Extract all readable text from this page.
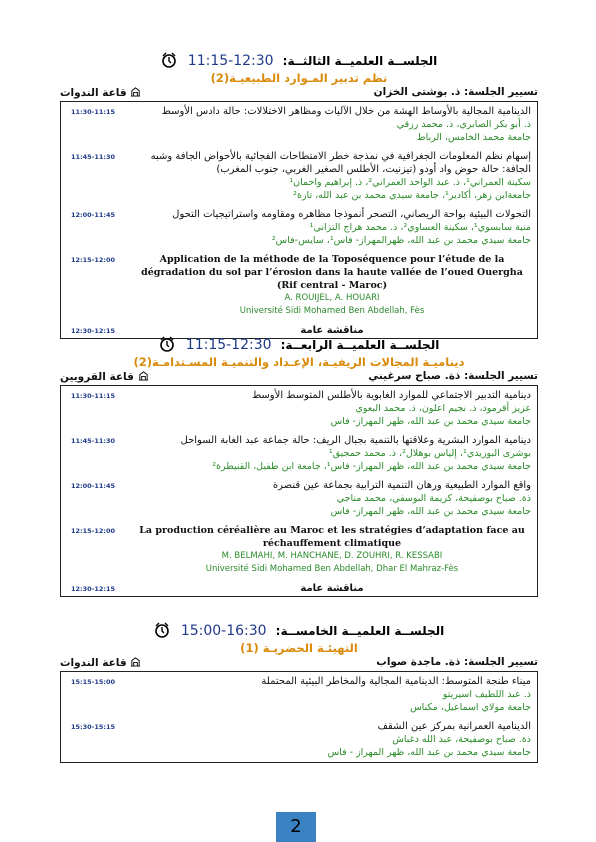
الجلســة العلميــة الثالثــة: 11:15-12:30
نظم تدبير المـوارد الطبيعيـة(2)
تسيير الجلسة: ذ. بوشتى الخزان
قاعة الندوات
11:30-11:15	الدينامية المجالية بالأوساط الهشة من خلال الآليات ومظاهر الاختلالات: حالة دادس الأوسط
ذ. أبو بكر الصابري، ذ. محمد رزقي
جامعة محمد الخامس، الرباط
11:45-11:30	إسهام نظم المعلومات الجغرافية في نمذجة خطر الامتطاحات الفجائية بالأحواض الجافة وشبه الجافة: حالة حوض واد أودو (تيزنيت، الأطلس الصغير الغربي، جنوب المغرب)
سكينة العمراني¹، ذ. عبد الواحد العمراني²، ذ. إبراهيم واحمان¹
جامعةابن زهر، أكادير¹، جامعة سيدي محمد بن عبد الله، تازة²
12:00-11:45	التحولات البيئية بواحة الريصاني، التصحر أنموذجا مظاهره ومقاومه واستراتيجيات التحول
منية سابسوي¹، سكينة العساوي²، ذ. محمد هراج التزاني¹
جامعة سيدي محمد بن عبد الله، ظهرالمهراز- فاس¹، سايس-فاس²
12:15-12:00	Application de la méthode de la Toposéquence pour l’étude de la dégradation du sol par l’érosion dans la haute vallée de l’oued Ouergha (Rif central - Maroc)
A. ROUIJEL, A. HOUARI
Université Sidi Mohamed Ben Abdellah, Fès
12:30-12:15	مناقشة عامة
الجلســة العلميــة الرابعــة: 11:15-12:30
ديناميـة المجالات الريفيـة، الإعـداد والتنميـة المسـتدامـة(2)
تسيير الجلسة: ذة. صباح سرغيني
قاعة القرويين
11:30-11:15	دينامية التدبير الاجتماعي للموارد الغابوية بالأطلس المتوسط الأوسط
عزيز أقرمود، ذ. نجيم اعلون، ذ. محمد البعوي
جامعة سيدي محمد بن عبد الله، ظهر المهراز- فاس
11:45-11:30	دينامية الموارد البشرية وعلاقتها بالتنمية بجبال الريف: حالة جماعة عبد الغابة السواحل
بوشرى البوزيدي¹، إلياس بوهلال²، ذ. محمد حمجيق¹
جامعة سيدي محمد بن عبد الله، ظهر المهراز- فاس¹، جامعة ابن طفيل، القنيطرة²
12:00-11:45	واقع الموارد الطبيعية ورهان التنمية الترابية بجماعة عين قنصرة
ذة. صباح بوصفيحة، كريمة البوسفي، محمد مناجي
جامعة سيدي محمد بن عبد الله، ظهر المهراز- فاس
12:15-12:00	La production céréalière au Maroc et les stratégies d’adaptation face au réchauffement climatique
M. BELMAHI, M. HANCHANE, D. ZOUHRI, R. KESSABI
Université Sidi Mohamed Ben Abdellah, Dhar El Mahraz-Fès
12:30-12:15	مناقشة عامة
الجلســة العلميــة الخامســة: 15:00-16:30
التهيئـة الحضريـة (1)
تسيير الجلسة: ذة. ماجدة صواب
قاعة الندوات
15:15-15:00	ميناء طنجة المتوسط: الدينامية المجالية والمخاطر البيئية المحتملة
ذ. عبد اللطيف اسيريتو
جامعة مولاي اسماعيل، مكناس
15:30-15:15	الدينامية العمرانية بمركز عين الشقف
ذة. صباح بوصفيحة، عبد الله دغباش
جامعة سيدي محمد بن عبد الله، ظهر المهراز - فاس
2
